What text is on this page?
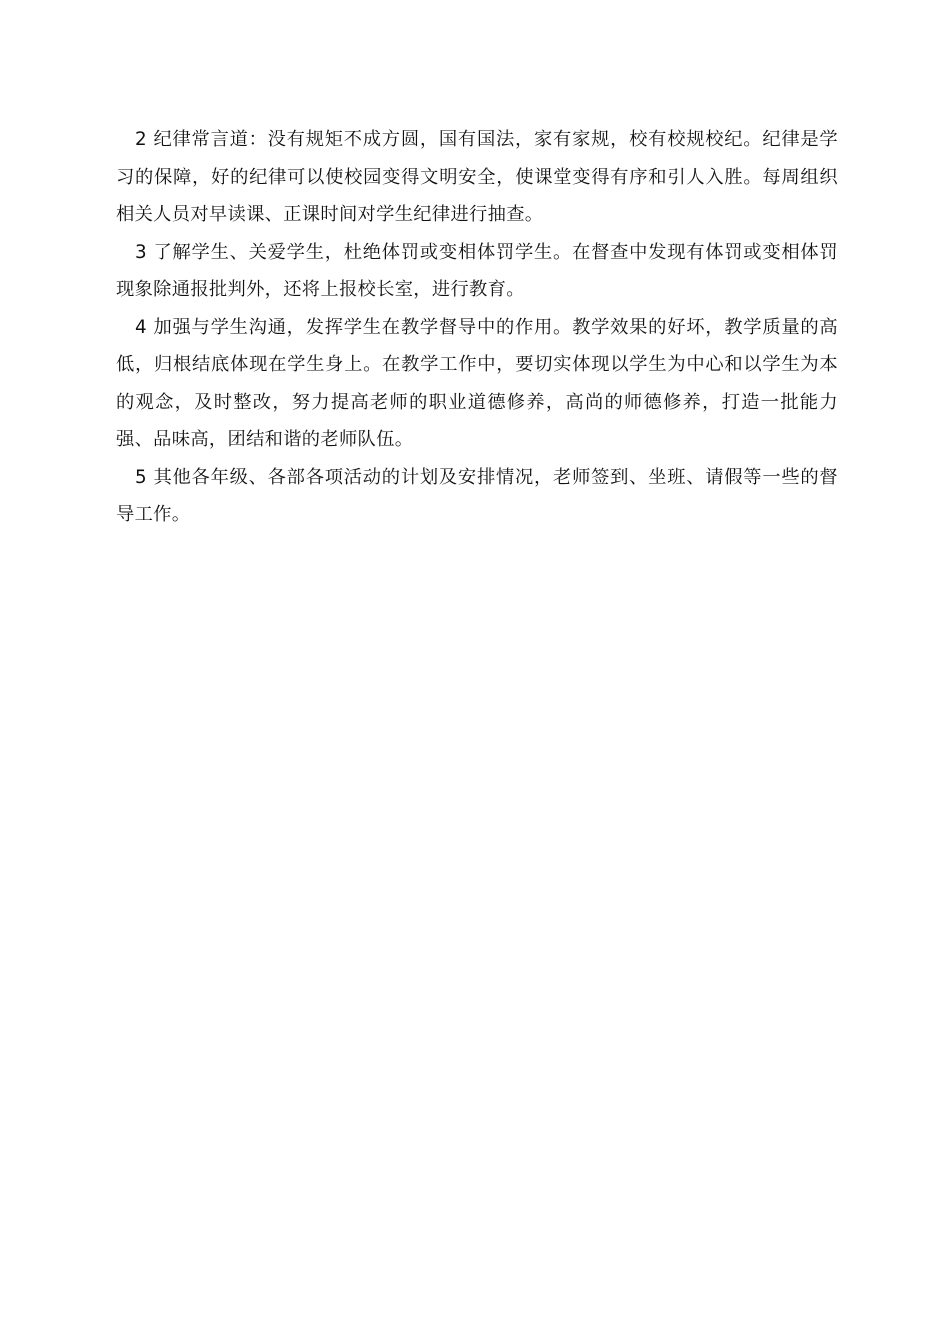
2 纪律常言道：没有规矩不成方圆，国有国法，家有家规，校有校规校纪。纪律是学习的保障，好的纪律可以使校园变得文明安全，使课堂变得有序和引人入胜。每周组织相关人员对早读课、正课时间对学生纪律进行抽查。

3 了解学生、关爱学生，杜绝体罚或变相体罚学生。在督查中发现有体罚或变相体罚现象除通报批判外，还将上报校长室，进行教育。

4 加强与学生沟通，发挥学生在教学督导中的作用。教学效果的好坏，教学质量的高低，归根结底体现在学生身上。在教学工作中，要切实体现以学生为中心和以学生为本的观念，及时整改，努力提高老师的职业道德修养，高尚的师德修养，打造一批能力强、品味高，团结和谐的老师队伍。

5 其他各年级、各部各项活动的计划及安排情况，老师签到、坐班、请假等一些的督导工作。
